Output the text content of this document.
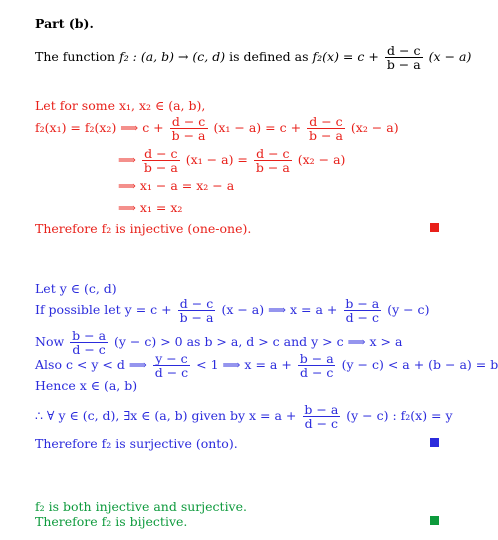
Part (b).
The function f₂ : (a, b) → (c, d) is defined as $f_2(x) = c + \frac{d - c}{b - a} (x - a)$
Let for some x₁, x₂ ∈ (a, b),
f₂(x₁) = f₂(x₂) ⟹ $c + \frac{d - c}{b - a} (x_1 - a) = c + \frac{d - c}{b - a} (x_2 - a)$
⟹ $\frac{d - c}{b - a} (x_1 - a) = \frac{d - c}{b - a} (x_2 - a)$
⟹ x₁ − a = x₂ − a
⟹ x₁ = x₂
Therefore f₂ is injective (one-one).
Let y ∈ (c, d)
If possible let $y = c + \frac{d - c}{b - a} (x - a)$ ⟹ $x = a + \frac{b - a}{d - c} (y - c)$
Now $\frac{b - a}{d - c} (y - c) > 0$ as b > a, d > c and y > c ⟹ x > a
Also c < y < d ⟹ $\frac{y - c}{d - c} < 1$ ⟹ $x = a + \frac{b - a}{d - c} (y - c) < a + (b - a) = b$
Hence x ∈ (a, b)
∴ ∀ y ∈ (c, d), ∃x ∈ (a, b) given by $x = a + \frac{b - a}{d - c} (y - c)$ : f₂(x) = y
Therefore f₂ is surjective (onto).
f₂ is both injective and surjective.
Therefore f₂ is bijective.
